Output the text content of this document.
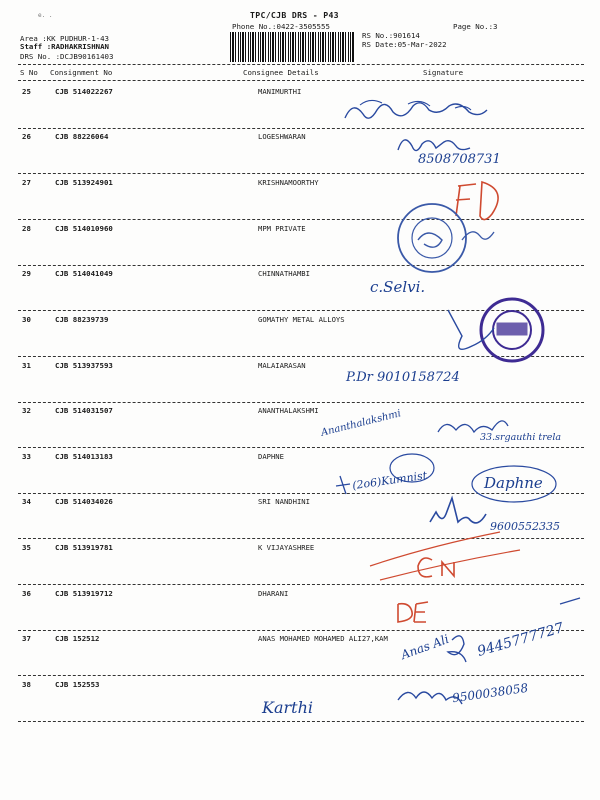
e. .	TPC/CJB DRS - P43
Phone No.:0422-3505555	Page No.:3
Area :KK PUDHUR-1-43
Staff :RADHAKRISHNAN
DRS No. :DCJB90161403
RS No.:901614
RS Date:05-Mar-2022
S No Consignment No	Consignee Details	Signature
25	CJB 514022267	MANIMURTHI
26	CJB 88226064	LOGESHWARAN
27	CJB 513924901	KRISHNAMOORTHY
28	CJB 514010960	MPM PRIVATE
29	CJB 514041049	CHINNATHAMBI
30	CJB 88239739	GOMATHY METAL ALLOYS
31	CJB 513937593	MALAIARASAN
32	CJB 514031507	ANANTHALAKSHMI
33	CJB 514013183	DAPHNE
34	CJB 514034026	SRI NANDHINI
35	CJB 513919781	K VIJAYASHREE
36	CJB 513919712	DHARANI
37	CJB 152512	ANAS MOHAMED MOHAMED ALI27,KAM
38	CJB 152553
8508708731
c.Selvi.
P.Dr 9010158724
Ananthalakshmi	33.srgauthi trela
Daphne
(2o6)Kumnist
9600552335
Anas Ali 9445777727
Karthi
9500038058
